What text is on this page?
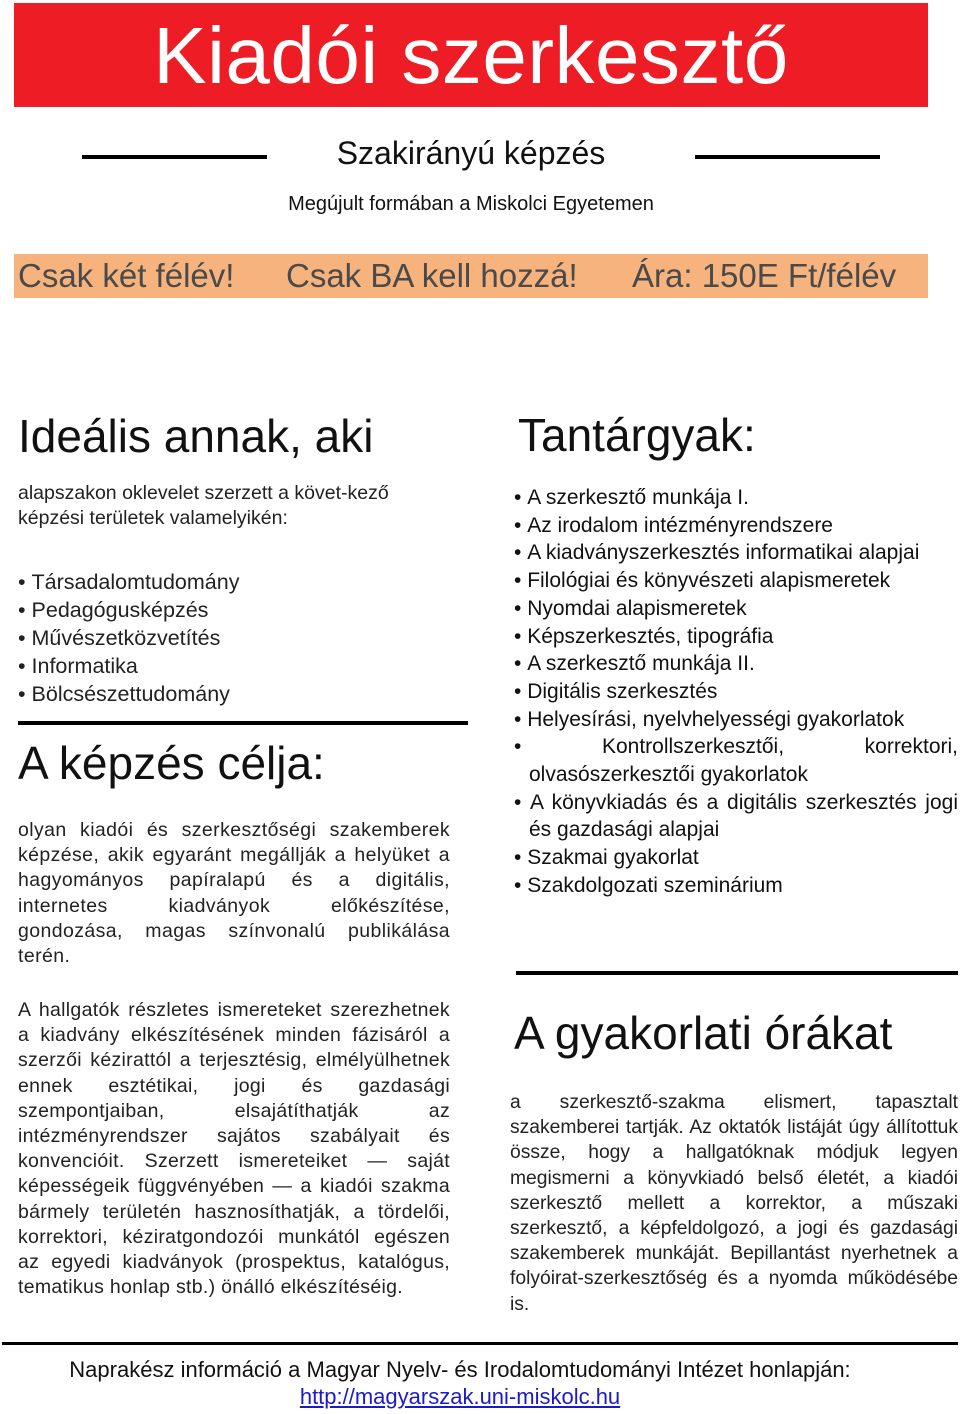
Kiadói szerkesztő
Szakirányú képzés
Megújult formában a Miskolci Egyetemen
Csak két félév! Csak BA kell hozzá! Ára: 150E Ft/félév
Ideális annak, aki
alapszakon oklevelet szerzett a követ-kező képzési területek valamelyikén:
• Társadalomtudomány
• Pedagógusképzés
• Művészetközvetítés
• Informatika
• Bölcsészettudomány
A képzés célja:
olyan kiadói és szerkesztőségi szakemberek képzése, akik egyaránt megállják a helyüket a hagyományos papíralapú és a digitális, internetes kiadványok előkészítése, gondozása, magas színvonalú publikálása terén.
A hallgatók részletes ismereteket szerezhetnek a kiadvány elkészítésének minden fázisáról a szerzői kézirattól a terjesztésig, elmélyülhetnek ennek esztétikai, jogi és gazdasági szempontjaiban, elsajátíthatják az intézményrendszer sajátos szabályait és konvencióit. Szerzett ismereteiket — saját képességeik függvényében — a kiadói szakma bármely területén hasznosíthatják, a tördelői, korrektori, kéziratgondozói munkától egészen az egyedi kiadványok (prospektus, katalógus, tematikus honlap stb.) önálló elkészítéséig.
Tantárgyak:
• A szerkesztő munkája I.
• Az irodalom intézményrendszere
• A kiadványszerkesztés informatikai alapjai
• Filológiai és könyvészeti alapismeretek
• Nyomdai alapismeretek
• Képszerkesztés, tipográfia
• A szerkesztő munkája II.
• Digitális szerkesztés
• Helyesírási, nyelvhelyességi gyakorlatok
• Kontrollszerkesztői, korrektori, olvasószerkesztői gyakorlatok
• A könyvkiadás és a digitális szerkesztés jogi és gazdasági alapjai
• Szakmai gyakorlat
• Szakdolgozati szeminárium
A gyakorlati órákat
a szerkesztő-szakma elismert, tapasztalt szakemberei tartják. Az oktatók listáját úgy állítottuk össze, hogy a hallgatóknak módjuk legyen megismerni a könyvkiadó belső életét, a kiadói szerkesztő mellett a korrektor, a műszaki szerkesztő, a képfeldolgozó, a jogi és gazdasági szakemberek munkáját. Bepillantást nyerhetnek a folyóirat-szerkesztőség és a nyomda működésébe is.
Naprakész információ a Magyar Nyelv- és Irodalomtudományi Intézet honlapján:
http://magyarszak.uni-miskolc.hu
